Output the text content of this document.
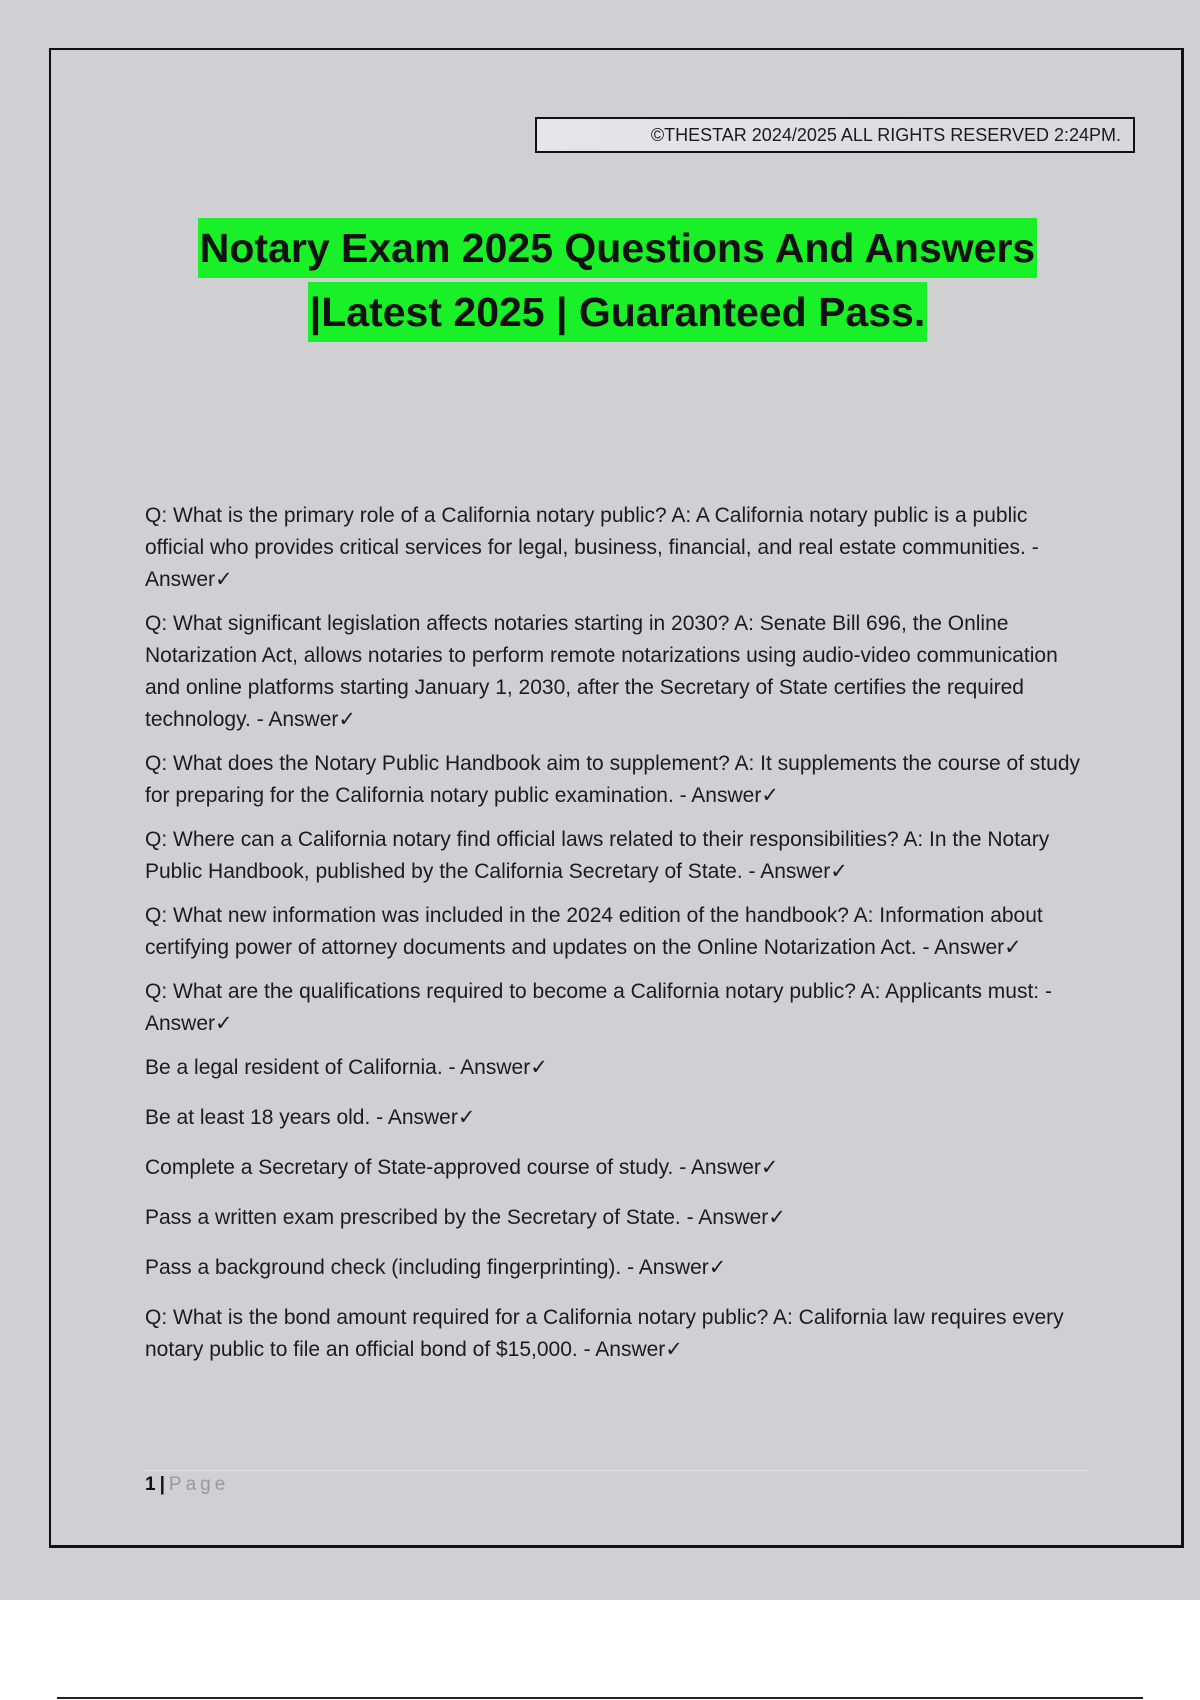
©THESTAR 2024/2025 ALL RIGHTS RESERVED 2:24PM.
Notary Exam 2025 Questions And Answers
|Latest 2025 | Guaranteed Pass.

Q: What is the primary role of a California notary public? A: A California notary public is a public official who provides critical services for legal, business, financial, and real estate communities. - Answer✓

Q: What significant legislation affects notaries starting in 2030? A: Senate Bill 696, the Online Notarization Act, allows notaries to perform remote notarizations using audio-video communication and online platforms starting January 1, 2030, after the Secretary of State certifies the required technology. - Answer✓

Q: What does the Notary Public Handbook aim to supplement? A: It supplements the course of study for preparing for the California notary public examination. - Answer✓

Q: Where can a California notary find official laws related to their responsibilities? A: In the Notary Public Handbook, published by the California Secretary of State. - Answer✓

Q: What new information was included in the 2024 edition of the handbook? A: Information about certifying power of attorney documents and updates on the Online Notarization Act. - Answer✓

Q: What are the qualifications required to become a California notary public? A: Applicants must: - Answer✓

Be a legal resident of California. - Answer✓

Be at least 18 years old. - Answer✓

Complete a Secretary of State-approved course of study. - Answer✓

Pass a written exam prescribed by the Secretary of State. - Answer✓

Pass a background check (including fingerprinting). - Answer✓

Q: What is the bond amount required for a California notary public? A: California law requires every notary public to file an official bond of $15,000. - Answer✓

1 | Page
